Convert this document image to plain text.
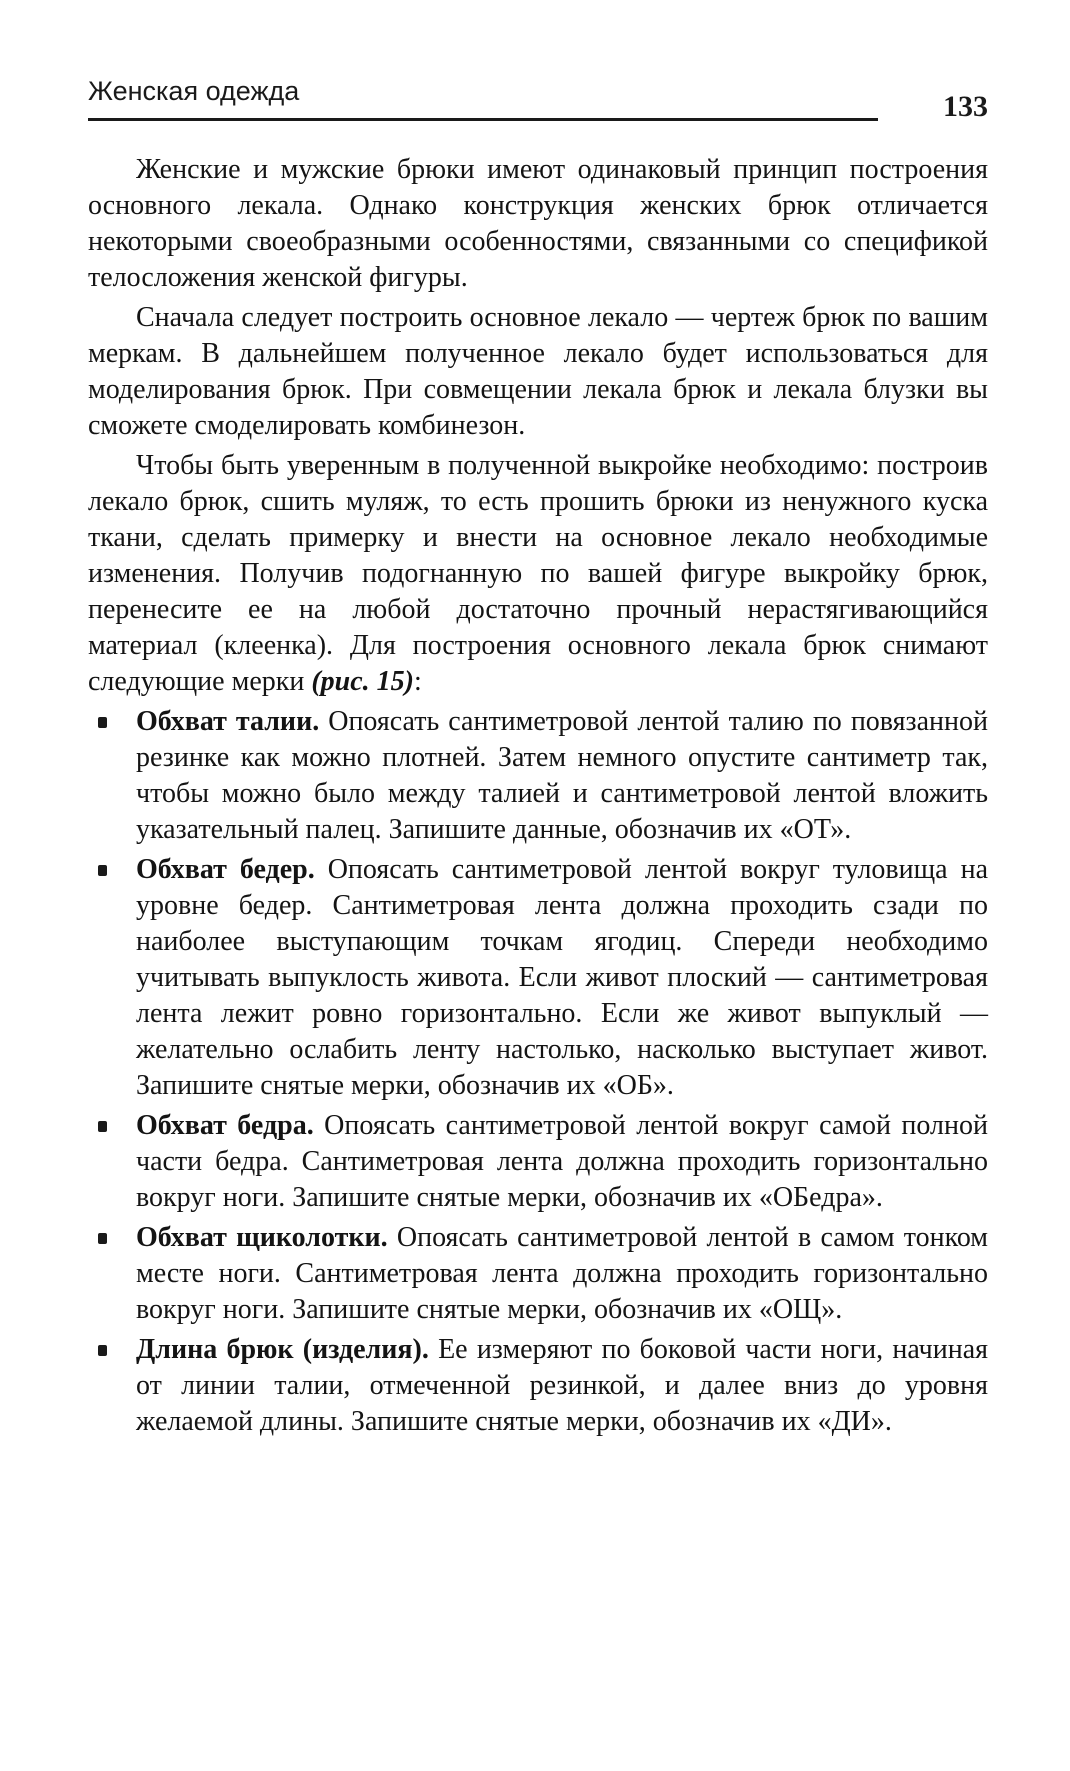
Женская одежда	133

Женские и мужские брюки имеют одинаковый принцип построения основного лекала. Однако конструкция женских брюк отличается некоторыми своеобразными особенностями, связанными со спецификой телосложения женской фигуры.

Сначала следует построить основное лекало — чертеж брюк по вашим меркам. В дальнейшем полученное лекало будет использоваться для моделирования брюк. При совмещении лекала брюк и лекала блузки вы сможете смоделировать комбинезон.

Чтобы быть уверенным в полученной выкройке необходимо: построив лекало брюк, сшить муляж, то есть прошить брюки из ненужного куска ткани, сделать примерку и внести на основное лекало необходимые изменения. Получив подогнанную по вашей фигуре выкройку брюк, перенесите ее на любой достаточно прочный нерастягивающийся материал (клеенка). Для построения основного лекала брюк снимают следующие мерки (рис. 15):

Обхват талии. Опоясать сантиметровой лентой талию по повязанной резинке как можно плотней. Затем немного опустите сантиметр так, чтобы можно было между талией и сантиметровой лентой вложить указательный палец. Запишите данные, обозначив их «ОТ».
Обхват бедер. Опоясать сантиметровой лентой вокруг туловища на уровне бедер. Сантиметровая лента должна проходить сзади по наиболее выступающим точкам ягодиц. Спереди необходимо учитывать выпуклость живота. Если живот плоский — сантиметровая лента лежит ровно горизонтально. Если же живот выпуклый — желательно ослабить ленту настолько, насколько выступает живот. Запишите снятые мерки, обозначив их «ОБ».
Обхват бедра. Опоясать сантиметровой лентой вокруг самой полной части бедра. Сантиметровая лента должна проходить горизонтально вокруг ноги. Запишите снятые мерки, обозначив их «ОБедра».
Обхват щиколотки. Опоясать сантиметровой лентой в самом тонком месте ноги. Сантиметровая лента должна проходить горизонтально вокруг ноги. Запишите снятые мерки, обозначив их «ОЩ».
Длина брюк (изделия). Ее измеряют по боковой части ноги, начиная от линии талии, отмеченной резинкой, и далее вниз до уровня желаемой длины. Запишите снятые мерки, обозначив их «ДИ».
